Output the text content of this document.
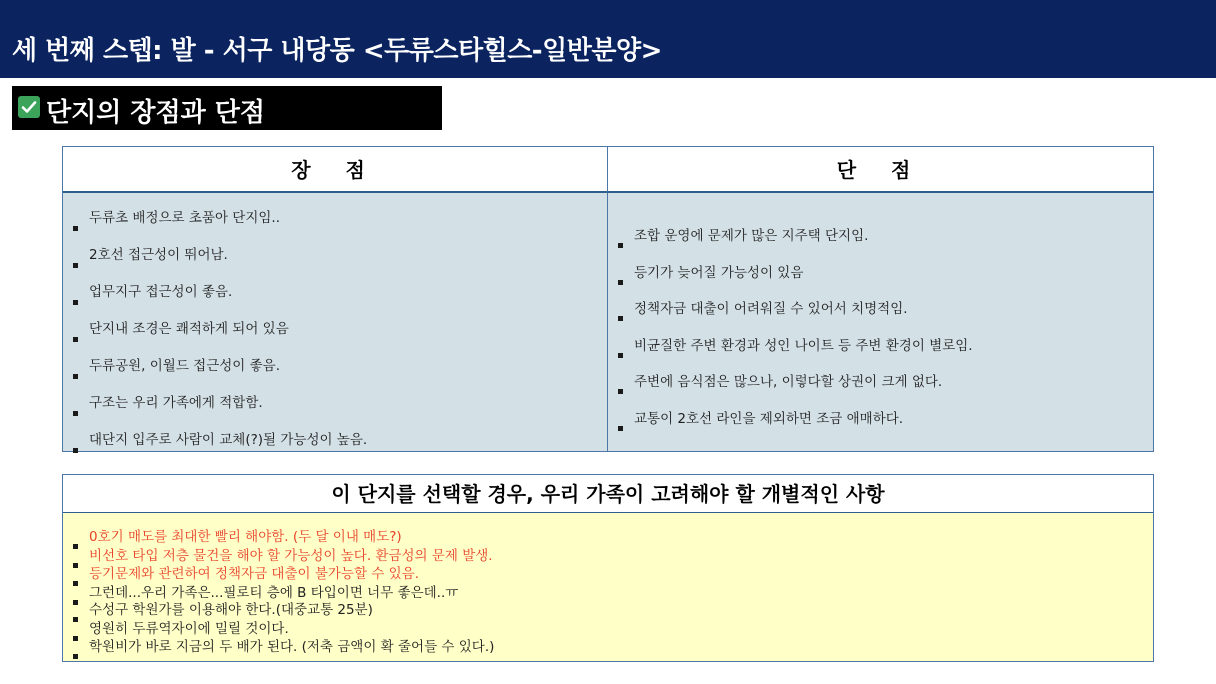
세 번째 스텝: 발 - 서구 내당동 <두류스타힐스-일반분양>
단지의 장점과 단점
장 점	단 점
두류초 배정으로 초품아 단지임..
2호선 접근성이 뛰어남.
업무지구 접근성이 좋음.
단지내 조경은 쾌적하게 되어 있음
두류공원, 이월드 접근성이 좋음.
구조는 우리 가족에게 적합함.
대단지 입주로 사람이 교체(?)될 가능성이 높음.
조합 운영에 문제가 많은 지주택 단지임.
등기가 늦어질 가능성이 있음
정책자금 대출이 어려워질 수 있어서 치명적임.
비균질한 주변 환경과 성인 나이트 등 주변 환경이 별로임.
주변에 음식점은 많으나, 이렇다할 상권이 크게 없다.
교통이 2호선 라인을 제외하면 조금 애매하다.
이 단지를 선택할 경우, 우리 가족이 고려해야 할 개별적인 사항
0호기 매도를 최대한 빨리 해야함. (두 달 이내 매도?)
등기문제와 관련하여 정책자금 대출이 불가능할 수 있음.
수성구 학원가를 이용해야 한다.(대중교통 25분)
학원비가 바로 지금의 두 배가 된다. (저축 금액이 확 줄어들 수 있다.)
비선호 타입 저층 물건을 해야 할 가능성이 높다. 환금성의 문제 발생.
그런데...우리 가족은...필로티 층에 B 타입이면 너무 좋은데..ㅠ
영원히 두류역자이에 밀릴 것이다.
